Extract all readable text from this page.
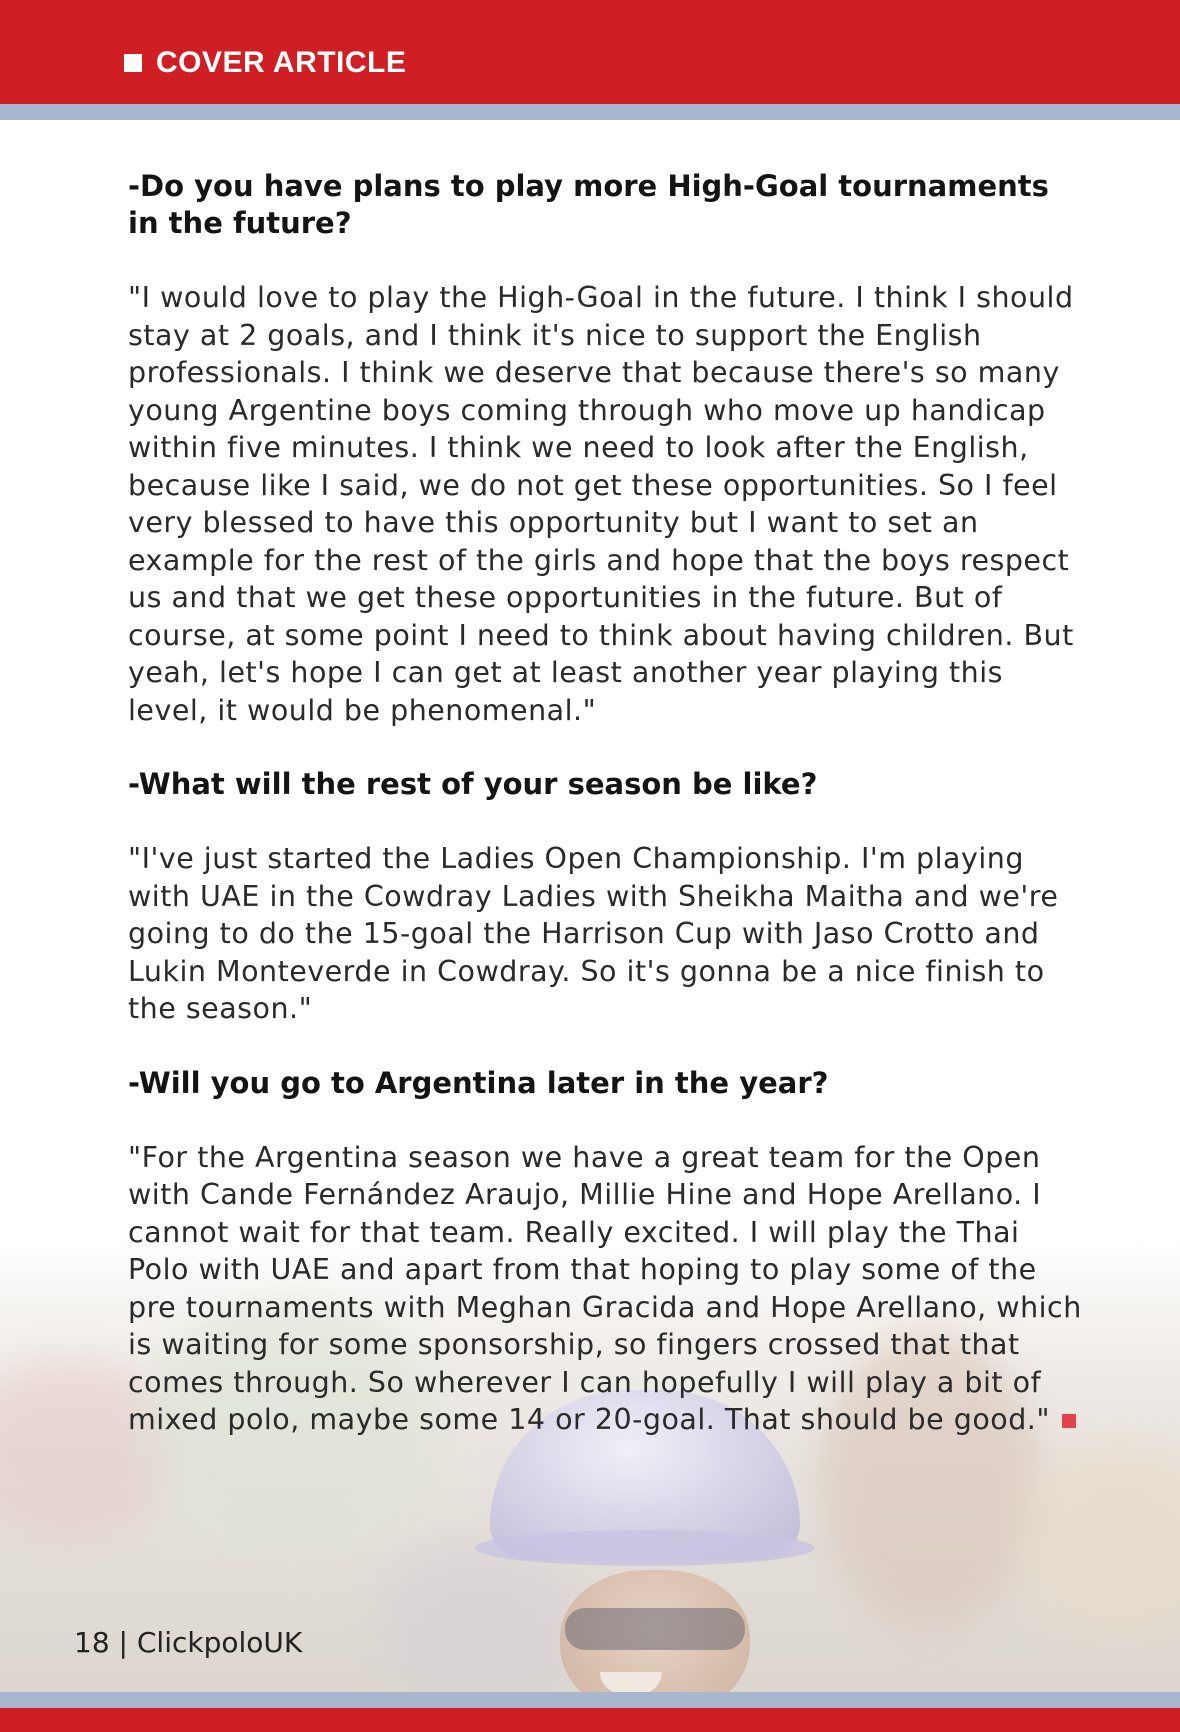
COVER ARTICLE

-Do you have plans to play more High-Goal tournaments in the future?

"I would love to play the High-Goal in the future. I think I should stay at 2 goals, and I think it's nice to support the English professionals. I think we deserve that because there's so many young Argentine boys coming through who move up handicap within five minutes. I think we need to look after the English, because like I said, we do not get these opportunities. So I feel very blessed to have this opportunity but I want to set an example for the rest of the girls and hope that the boys respect us and that we get these opportunities in the future. But of course, at some point I need to think about having children. But yeah, let's hope I can get at least another year playing this level, it would be phenomenal."

-What will the rest of your season be like?

"I've just started the Ladies Open Championship. I'm playing with UAE in the Cowdray Ladies with Sheikha Maitha and we're going to do the 15-goal the Harrison Cup with Jaso Crotto and Lukin Monteverde in Cowdray. So it's gonna be a nice finish to the season."

-Will you go to Argentina later in the year?

"For the Argentina season we have a great team for the Open with Cande Fernández Araujo, Millie Hine and Hope Arellano. I cannot wait for that team. Really excited. I will play the Thai Polo with UAE and apart from that hoping to play some of the pre tournaments with Meghan Gracida and Hope Arellano, which is waiting for some sponsorship, so fingers crossed that that comes through. So wherever I can hopefully I will play a bit of mixed polo, maybe some 14 or 20-goal. That should be good."

18 | ClickpoloUK
